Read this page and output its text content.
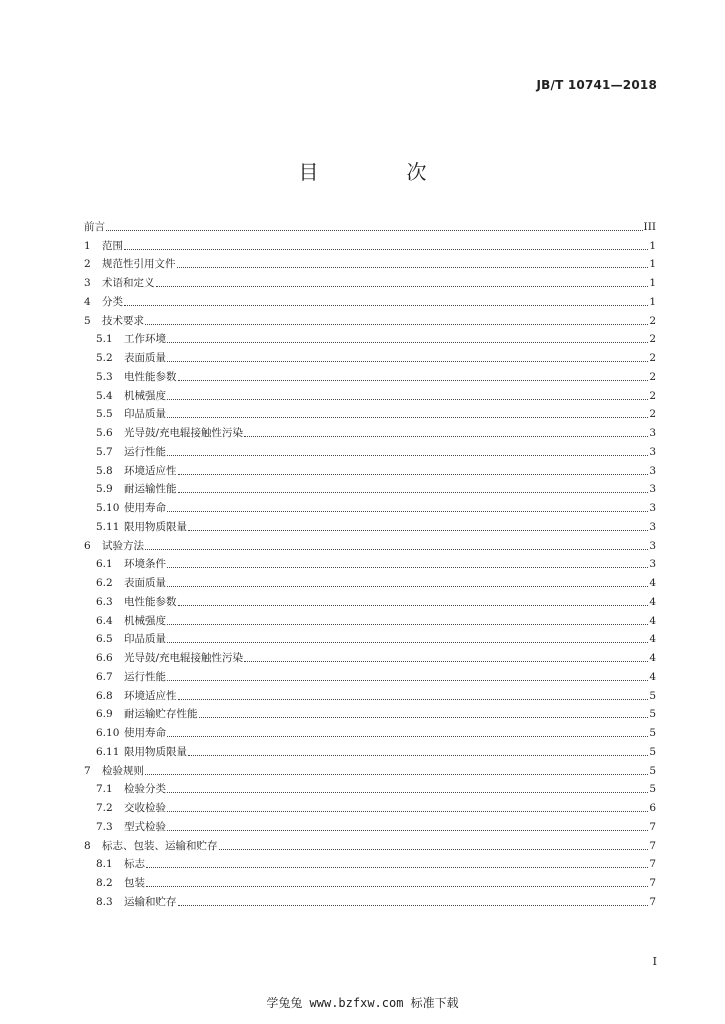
JB/T 10741—2018
目　次
前言	III
1	范围	1
2	规范性引用文件	1
3	术语和定义	1
4	分类	1
5	技术要求	2
5.1	工作环境	2
5.2	表面质量	2
5.3	电性能参数	2
5.4	机械强度	2
5.5	印品质量	2
5.6	光导鼓/充电辊接触性污染	3
5.7	运行性能	3
5.8	环境适应性	3
5.9	耐运输性能	3
5.10 使用寿命	3
5.11 限用物质限量	3
6	试验方法	3
6.1	环境条件	3
6.2	表面质量	4
6.3	电性能参数	4
6.4	机械强度	4
6.5	印品质量	4
6.6	光导鼓/充电辊接触性污染	4
6.7	运行性能	4
6.8	环境适应性	5
6.9	耐运输贮存性能	5
6.10 使用寿命	5
6.11 限用物质限量	5
7	检验规则	5
7.1	检验分类	5
7.2	交收检验	6
7.3	型式检验	7
8	标志、包装、运输和贮存	7
8.1	标志	7
8.2	包装	7
8.3	运输和贮存	7
I
学兔兔 www.bzfxw.com 标准下载
